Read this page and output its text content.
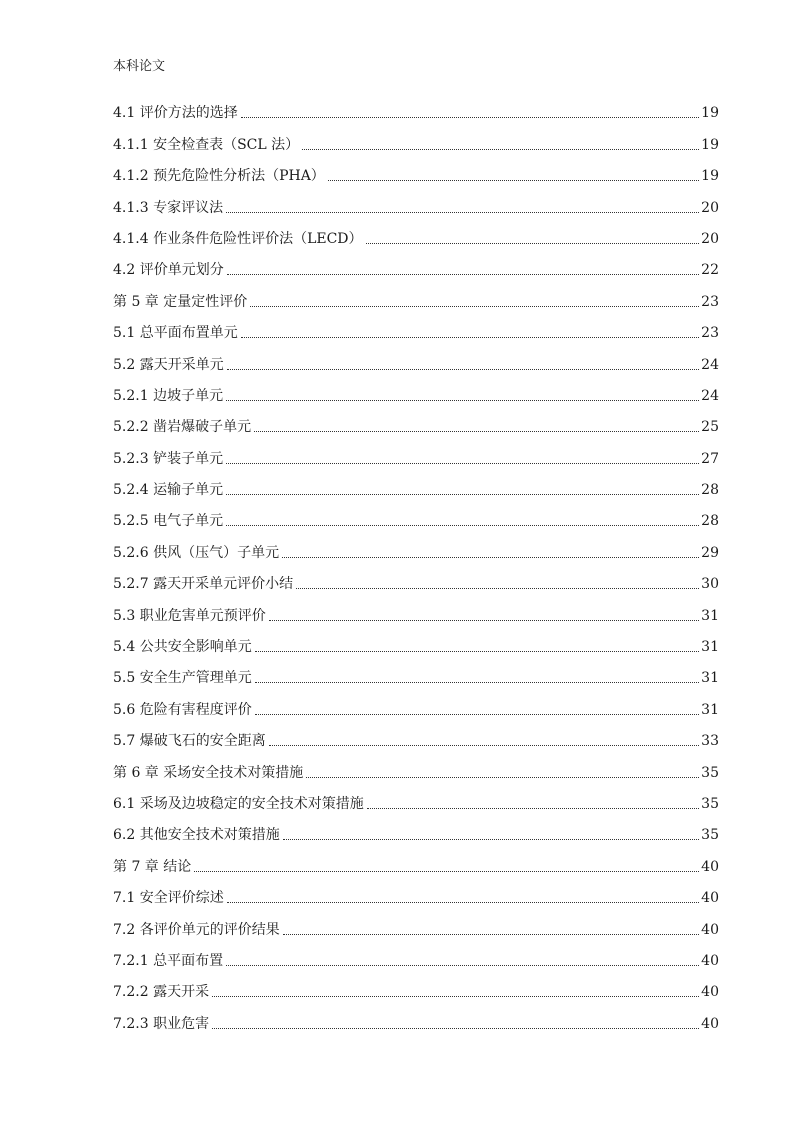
本科论文
4.1 评价方法的选择	19
4.1.1 安全检查表（SCL 法）	19
4.1.2 预先危险性分析法（PHA）	19
4.1.3 专家评议法	20
4.1.4 作业条件危险性评价法（LECD）	20
4.2 评价单元划分	22
第 5 章 定量定性评价	23
5.1 总平面布置单元	23
5.2 露天开采单元	24
5.2.1 边坡子单元	24
5.2.2 凿岩爆破子单元	25
5.2.3 铲装子单元	27
5.2.4 运输子单元	28
5.2.5 电气子单元	28
5.2.6 供风（压气）子单元	29
5.2.7 露天开采单元评价小结	30
5.3 职业危害单元预评价	31
5.4 公共安全影响单元	31
5.5 安全生产管理单元	31
5.6 危险有害程度评价	31
5.7 爆破飞石的安全距离	33
第 6 章 采场安全技术对策措施	35
6.1 采场及边坡稳定的安全技术对策措施	35
6.2 其他安全技术对策措施	35
第 7 章 结论	40
7.1 安全评价综述	40
7.2 各评价单元的评价结果	40
7.2.1 总平面布置	40
7.2.2 露天开采	40
7.2.3 职业危害	40
